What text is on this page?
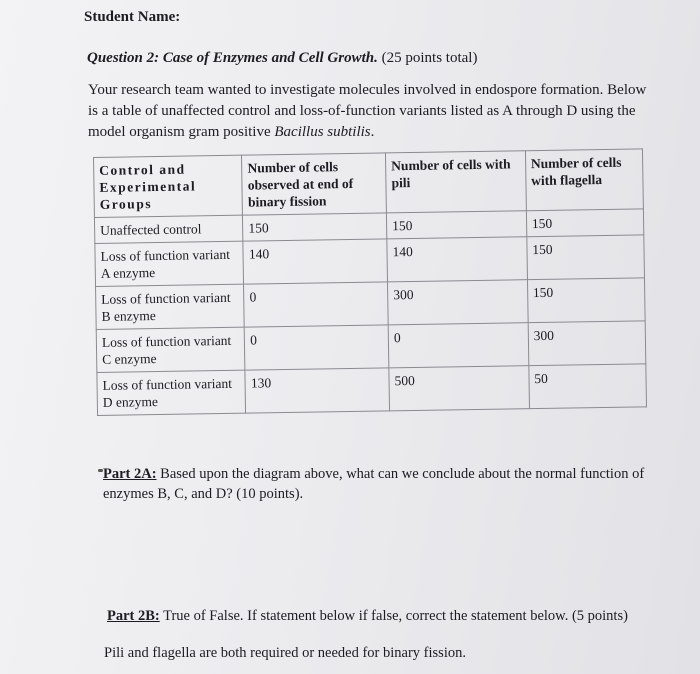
Student Name:
Question 2: Case of Enzymes and Cell Growth. (25 points total)
Your research team wanted to investigate molecules involved in endospore formation. Below is a table of unaffected control and loss-of-function variants listed as A through D using the model organism gram positive Bacillus subtilis.
Control and Experimental Groups	Number of cells observed at end of binary fission	Number of cells with pili	Number of cells with flagella
Unaffected control	150	150	150
Loss of function variant A enzyme	140	140	150
Loss of function variant B enzyme	0	300	150
Loss of function variant C enzyme	0	0	300
Loss of function variant D enzyme	130	500	50
Part 2A: Based upon the diagram above, what can we conclude about the normal function of enzymes B, C, and D? (10 points).
Part 2B: True of False. If statement below if false, correct the statement below. (5 points)
Pili and flagella are both required or needed for binary fission.
